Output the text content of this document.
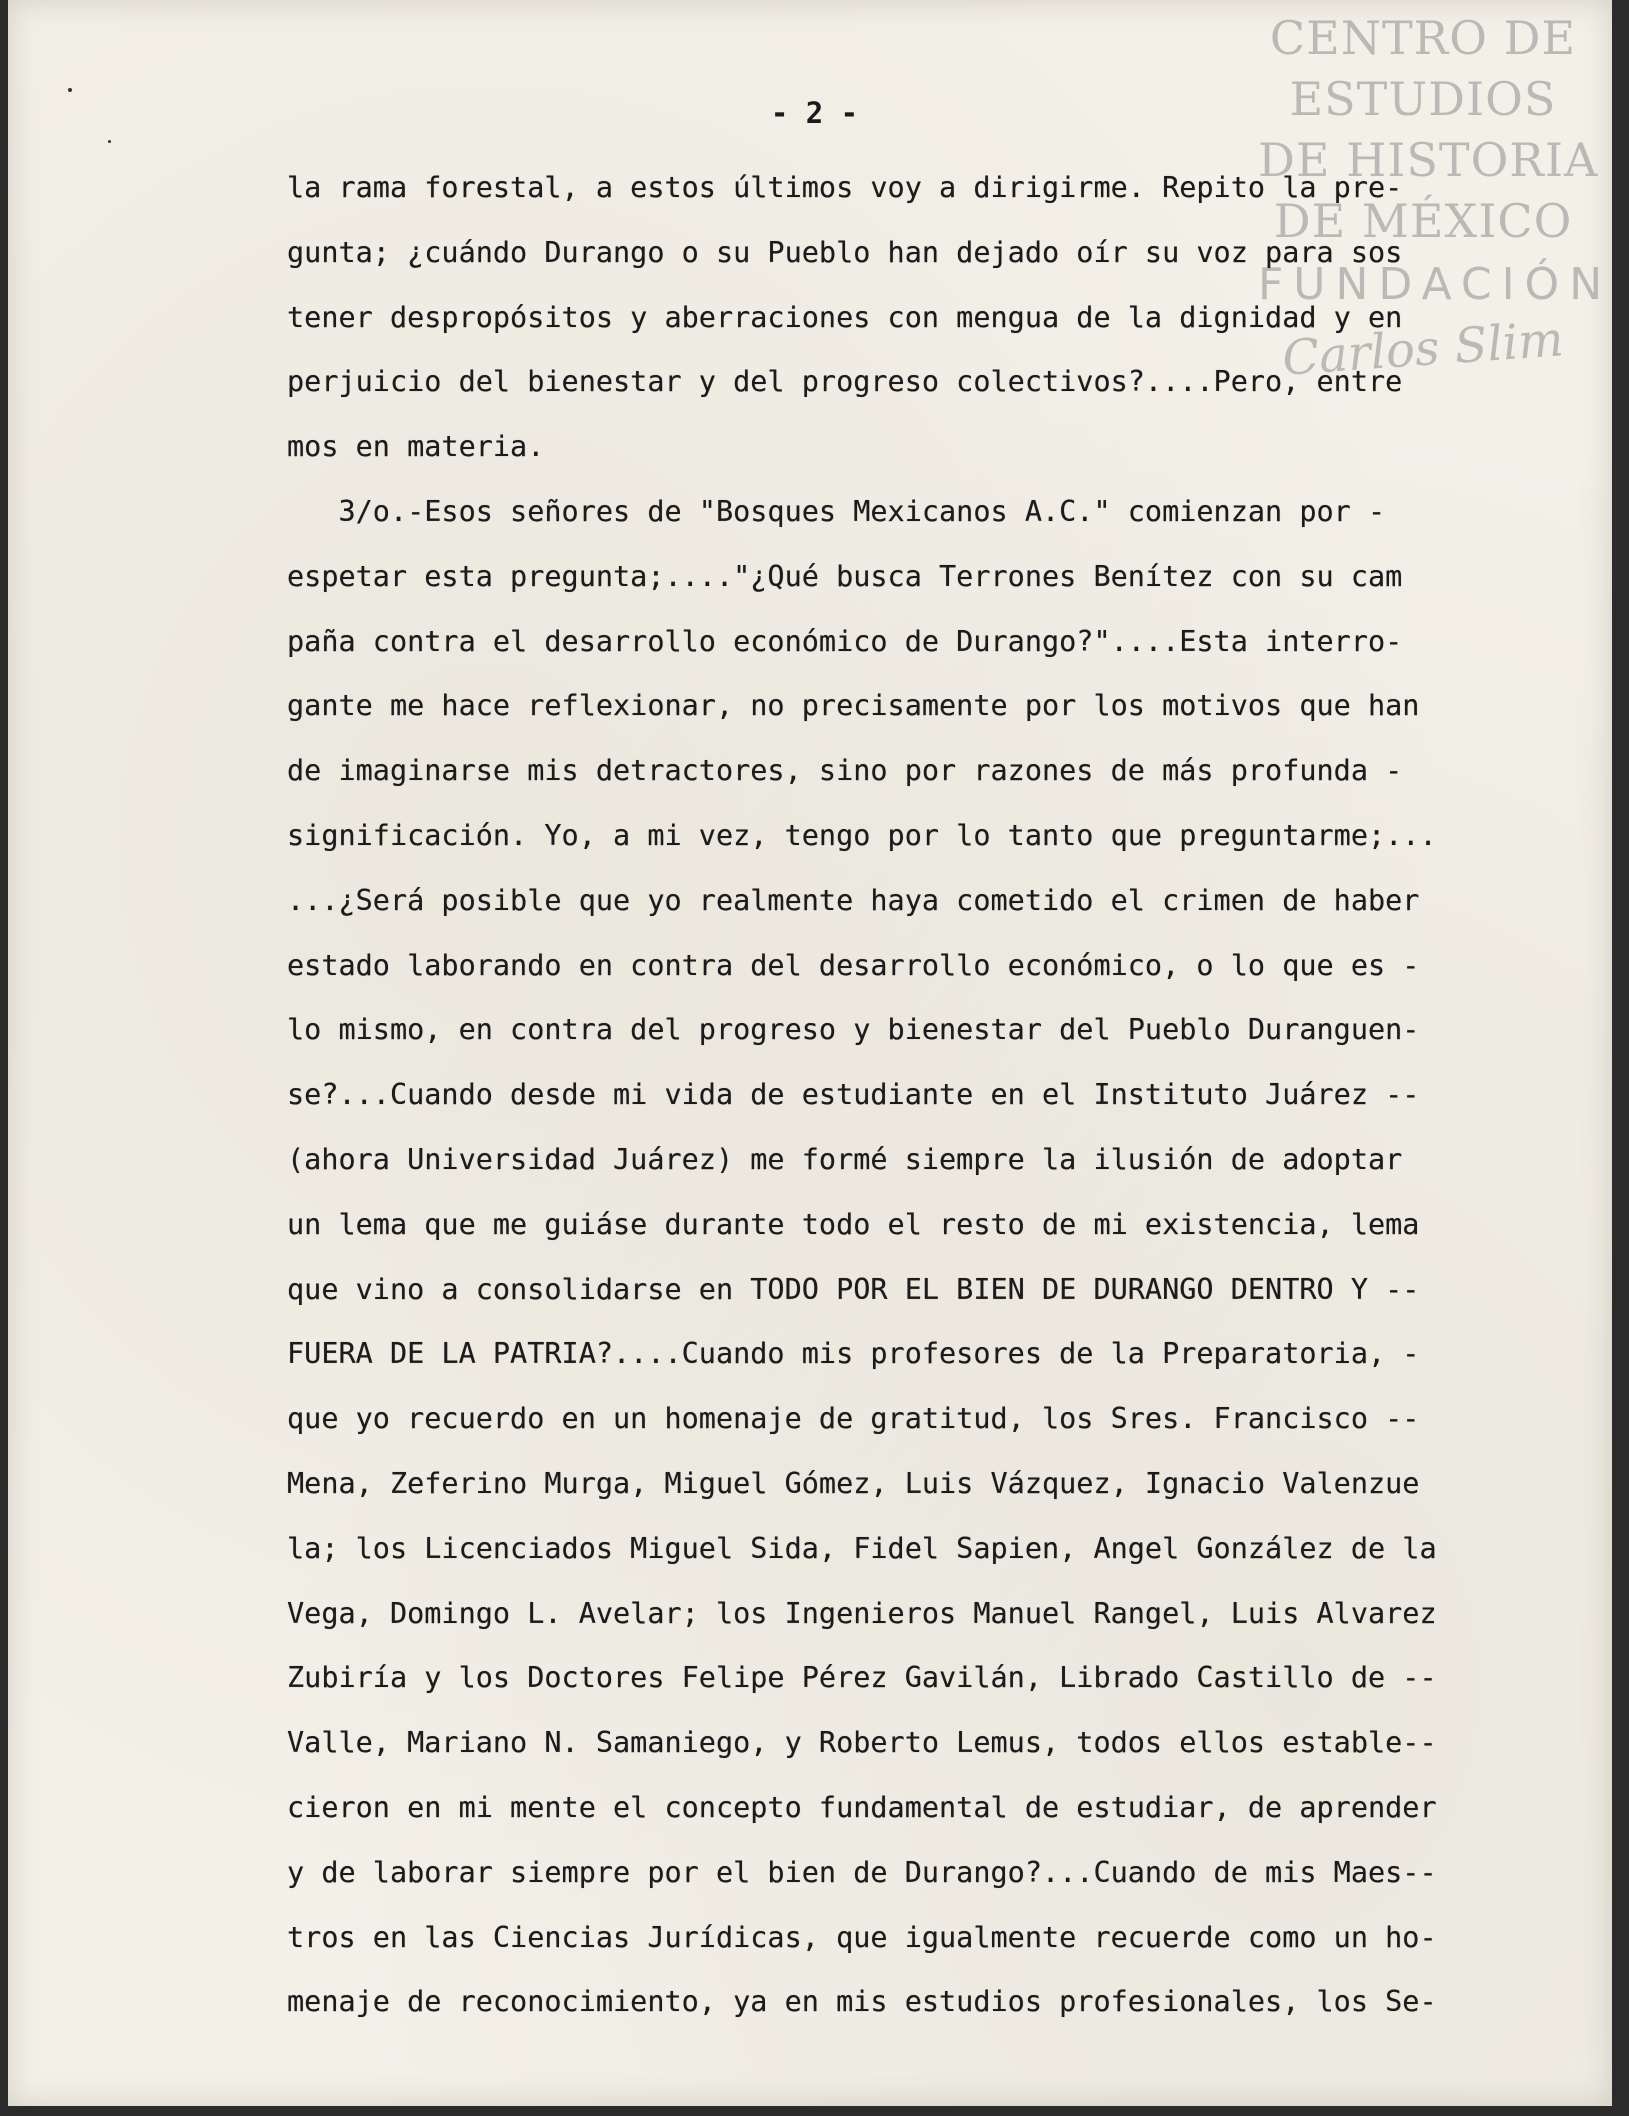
CENTRO DE
ESTUDIOS
DE HISTORIA
DE MÉXICO
FUNDACIÓN
Carlos Slim
- 2 -
la rama forestal, a estos últimos voy a dirigirme. Repito la pre-
gunta; ¿cuándo Durango o su Pueblo han dejado oír su voz para sos
tener despropósitos y aberraciones con mengua de la dignidad y en
perjuicio del bienestar y del progreso colectivos?....Pero, entre
mos en materia.
3/o.-Esos señores de "Bosques Mexicanos A.C." comienzan por -
espetar esta pregunta;...."¿Qué busca Terrones Benítez con su cam
paña contra el desarrollo económico de Durango?"....Esta interro-
gante me hace reflexionar, no precisamente por los motivos que han
de imaginarse mis detractores, sino por razones de más profunda -
significación. Yo, a mi vez, tengo por lo tanto que preguntarme;...
...¿Será posible que yo realmente haya cometido el crimen de haber
estado laborando en contra del desarrollo económico, o lo que es -
lo mismo, en contra del progreso y bienestar del Pueblo Duranguen-
se?...Cuando desde mi vida de estudiante en el Instituto Juárez --
(ahora Universidad Juárez) me formé siempre la ilusión de adoptar
un lema que me guiáse durante todo el resto de mi existencia, lema
que vino a consolidarse en TODO POR EL BIEN DE DURANGO DENTRO Y --
FUERA DE LA PATRIA?....Cuando mis profesores de la Preparatoria, -
que yo recuerdo en un homenaje de gratitud, los Sres. Francisco --
Mena, Zeferino Murga, Miguel Gómez, Luis Vázquez, Ignacio Valenzue
la; los Licenciados Miguel Sida, Fidel Sapien, Angel González de la
Vega, Domingo L. Avelar; los Ingenieros Manuel Rangel, Luis Alvarez
Zubiría y los Doctores Felipe Pérez Gavilán, Librado Castillo de --
Valle, Mariano N. Samaniego, y Roberto Lemus, todos ellos estable--
cieron en mi mente el concepto fundamental de estudiar, de aprender
y de laborar siempre por el bien de Durango?...Cuando de mis Maes--
tros en las Ciencias Jurídicas, que igualmente recuerde como un ho-
menaje de reconocimiento, ya en mis estudios profesionales, los Se-
